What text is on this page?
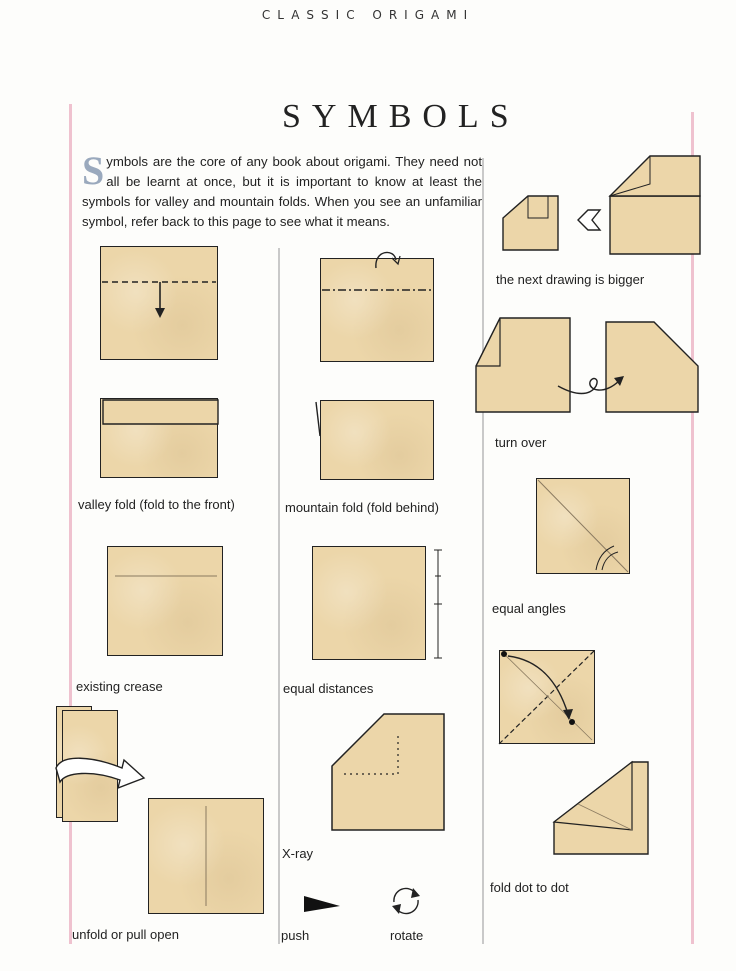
CLASSIC ORIGAMI
SYMBOLS
Symbols are the core of any book about origami. They need not all be learnt at once, but it is important to know at least the symbols for valley and mountain folds. When you see an unfamiliar symbol, refer back to this page to see what it means.
valley fold (fold to the front)
existing crease
unfold or pull open
mountain fold (fold behind)
equal distances
X-ray
push	rotate
the next drawing is bigger
turn over
equal angles
fold dot to dot
